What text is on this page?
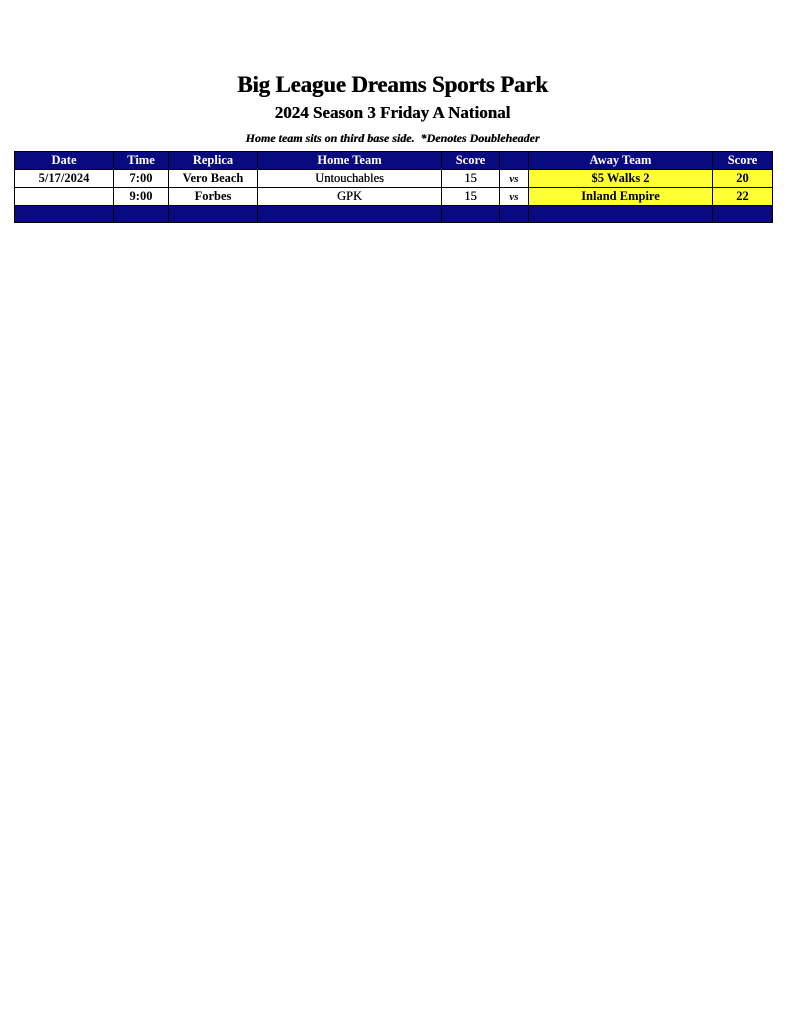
Big League Dreams Sports Park
2024 Season 3 Friday A National
Home team sits on third base side.  *Denotes Doubleheader
Date	Time	Replica	Home Team	Score		Away Team	Score
5/17/2024	7:00	Vero Beach	Untouchables	15	vs	$5 Walks 2	20
	9:00	Forbes	GPK	15	vs	Inland Empire	22
